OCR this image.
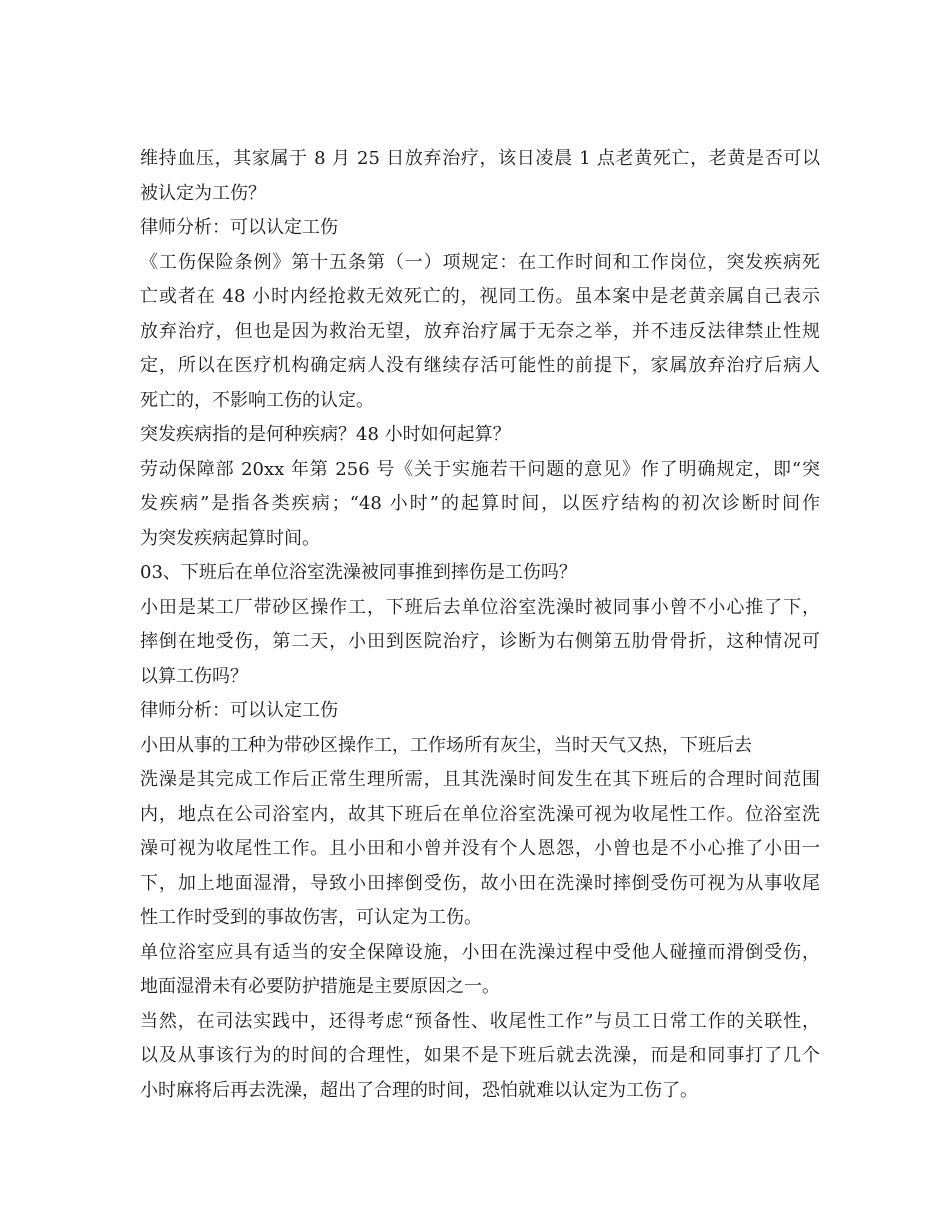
维持血压，其家属于 8 月 25 日放弃治疗，该日凌晨 1 点老黄死亡，老黄是否可以
被认定为工伤？
律师分析：可以认定工伤
《工伤保险条例》第十五条第（一）项规定：在工作时间和工作岗位，突发疾病死
亡或者在 48 小时内经抢救无效死亡的，视同工伤。虽本案中是老黄亲属自己表示
放弃治疗，但也是因为救治无望，放弃治疗属于无奈之举，并不违反法律禁止性规
定，所以在医疗机构确定病人没有继续存活可能性的前提下，家属放弃治疗后病人
死亡的，不影响工伤的认定。
突发疾病指的是何种疾病？48 小时如何起算？
劳动保障部 20xx 年第 256 号《关于实施若干问题的意见》作了明确规定，即“突
发疾病”是指各类疾病；“48 小时”的起算时间，以医疗结构的初次诊断时间作
为突发疾病起算时间。
03、下班后在单位浴室洗澡被同事推到摔伤是工伤吗？
小田是某工厂带砂区操作工，下班后去单位浴室洗澡时被同事小曾不小心推了下，
摔倒在地受伤，第二天，小田到医院治疗，诊断为右侧第五肋骨骨折，这种情况可
以算工伤吗？
律师分析：可以认定工伤
小田从事的工种为带砂区操作工，工作场所有灰尘，当时天气又热，下班后去
洗澡是其完成工作后正常生理所需，且其洗澡时间发生在其下班后的合理时间范围
内，地点在公司浴室内，故其下班后在单位浴室洗澡可视为收尾性工作。位浴室洗
澡可视为收尾性工作。且小田和小曾并没有个人恩怨，小曾也是不小心推了小田一
下，加上地面湿滑，导致小田摔倒受伤，故小田在洗澡时摔倒受伤可视为从事收尾
性工作时受到的事故伤害，可认定为工伤。
单位浴室应具有适当的安全保障设施，小田在洗澡过程中受他人碰撞而滑倒受伤，
地面湿滑未有必要防护措施是主要原因之一。
当然，在司法实践中，还得考虑“预备性、收尾性工作”与员工日常工作的关联性，
以及从事该行为的时间的合理性，如果不是下班后就去洗澡，而是和同事打了几个
小时麻将后再去洗澡，超出了合理的时间，恐怕就难以认定为工伤了。
